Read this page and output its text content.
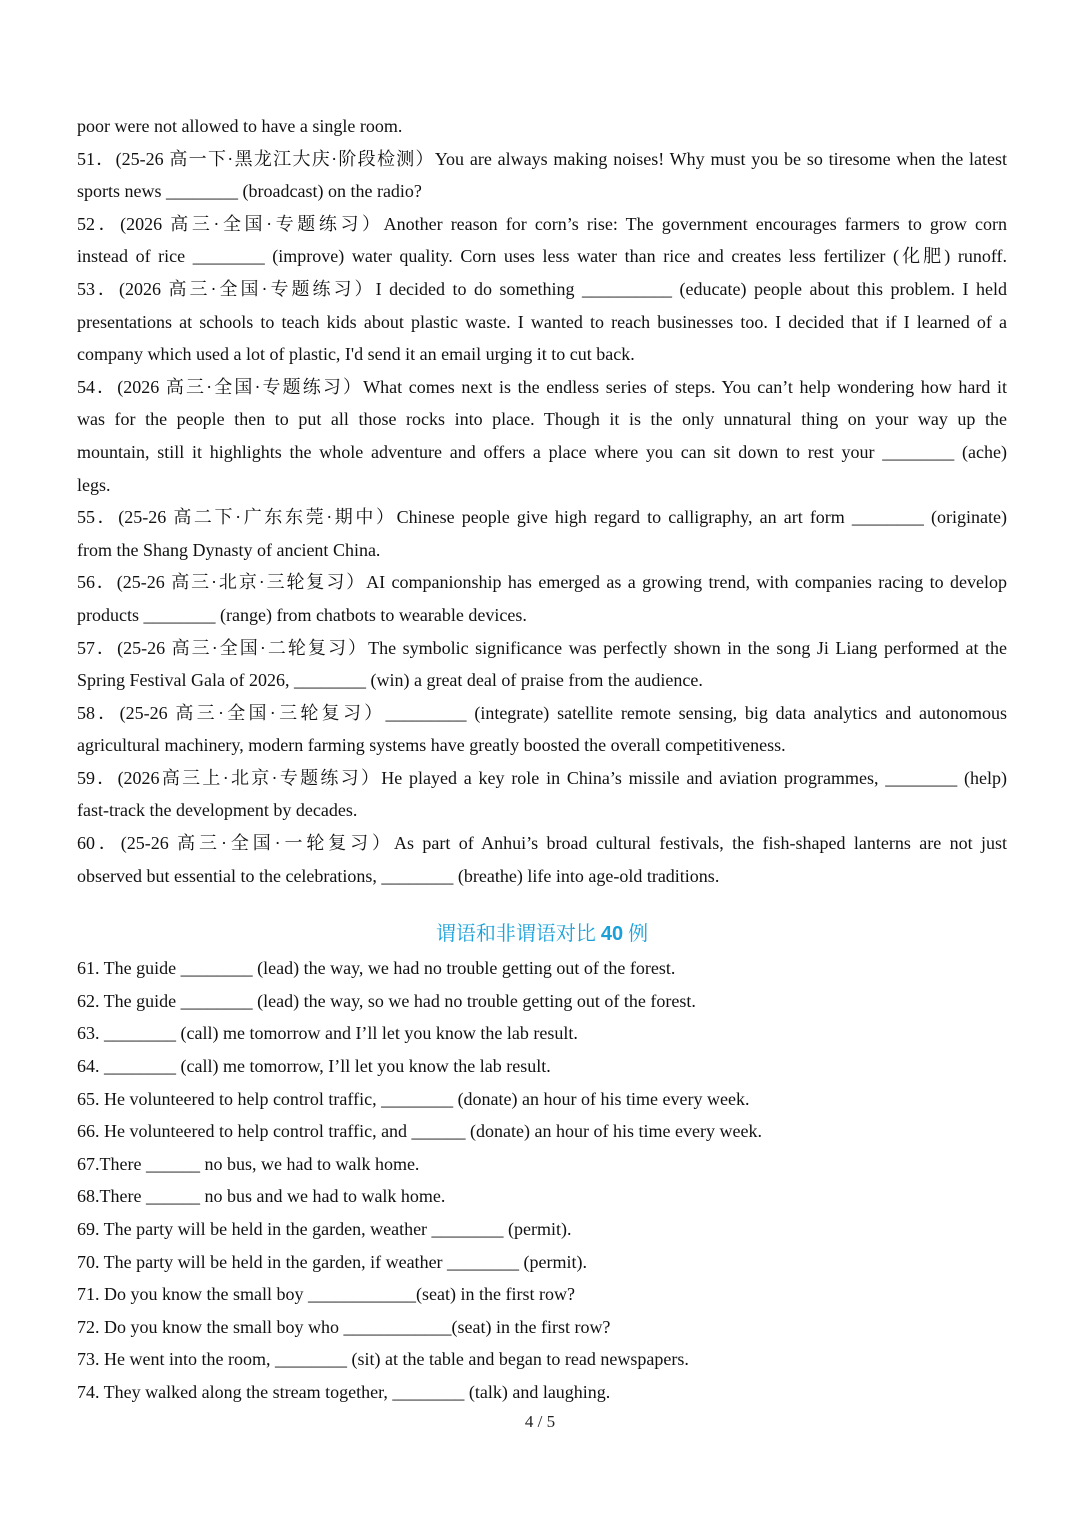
poor were not allowed to have a single room.
51．(25-26 高一下·黑龙江大庆·阶段检测）You are always making noises! Why must you be so tiresome when the latest
sports news ________ (broadcast) on the radio?
52．(2026 高三·全国·专题练习）Another reason for corn’s rise: The government encourages farmers to grow corn
instead of rice ________ (improve) water quality. Corn uses less water than rice and creates less fertilizer (化肥) runoff.
53．(2026 高三·全国·专题练习）I decided to do something __________ (educate) people about this problem. I held
presentations at schools to teach kids about plastic waste. I wanted to reach businesses too. I decided that if I learned of a
company which used a lot of plastic, I'd send it an email urging it to cut back.
54．(2026 高三·全国·专题练习）What comes next is the endless series of steps. You can’t help wondering how hard it
was for the people then to put all those rocks into place. Though it is the only unnatural thing on your way up the
mountain, still it highlights the whole adventure and offers a place where you can sit down to rest your ________ (ache)
legs.
55．(25-26 高二下·广东东莞·期中）Chinese people give high regard to calligraphy, an art form ________ (originate)
from the Shang Dynasty of ancient China.
56．(25-26 高三·北京·三轮复习）AI companionship has emerged as a growing trend, with companies racing to develop
products ________ (range) from chatbots to wearable devices.
57．(25-26 高三·全国·二轮复习）The symbolic significance was perfectly shown in the song Ji Liang performed at the
Spring Festival Gala of 2026, ________ (win) a great deal of praise from the audience.
58．(25-26 高三·全国·三轮复习）_________ (integrate) satellite remote sensing, big data analytics and autonomous
agricultural machinery, modern farming systems have greatly boosted the overall competitiveness.
59．(2026高三上·北京·专题练习）He played a key role in China’s missile and aviation programmes, ________ (help)
fast-track the development by decades.
60．(25-26 高三·全国·一轮复习）As part of Anhui’s broad cultural festivals, the fish-shaped lanterns are not just
observed but essential to the celebrations, ________ (breathe) life into age-old traditions.
谓语和非谓语对比 40 例
61. The guide ________ (lead) the way, we had no trouble getting out of the forest.
62. The guide ________ (lead) the way, so we had no trouble getting out of the forest.
63. ________ (call) me tomorrow and I’ll let you know the lab result.
64. ________ (call) me tomorrow, I’ll let you know the lab result.
65. He volunteered to help control traffic, ________ (donate) an hour of his time every week.
66. He volunteered to help control traffic, and ______ (donate) an hour of his time every week.
67.There ______ no bus, we had to walk home.
68.There ______ no bus and we had to walk home.
69. The party will be held in the garden, weather ________ (permit).
70. The party will be held in the garden, if weather ________ (permit).
71. Do you know the small boy ____________(seat) in the first row?
72. Do you know the small boy who ____________(seat) in the first row?
73. He went into the room, ________ (sit) at the table and began to read newspapers.
74. They walked along the stream together, ________ (talk) and laughing.
4 / 5
